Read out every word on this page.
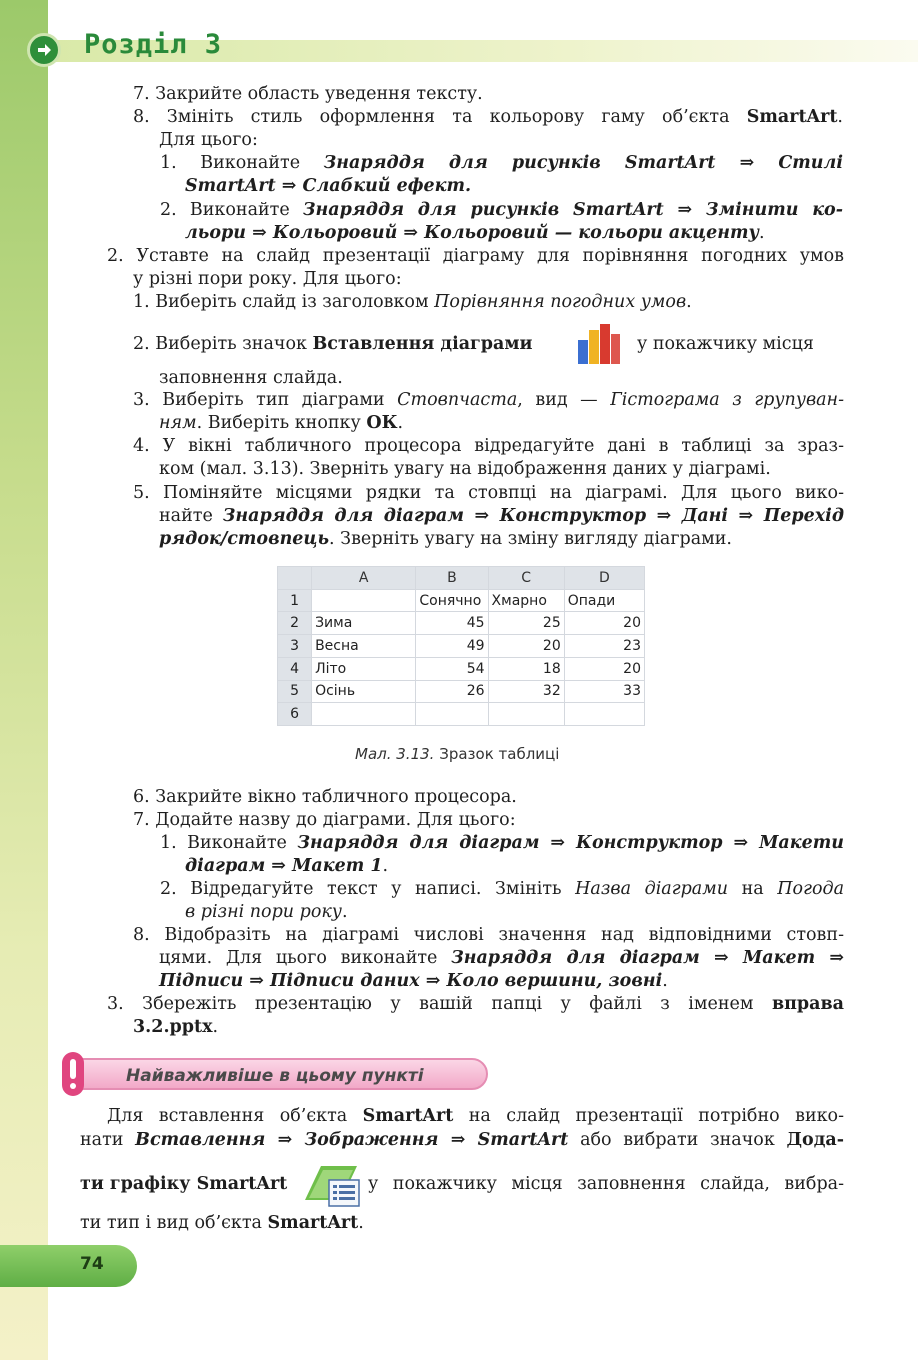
Розділ 3
7. Закрийте область уведення тексту.
8. Змініть стиль оформлення та кольорову гаму об’єкта SmartArt.
Для цього:
1. Виконайте Знаряддя для рисунків SmartArt ⇒ Стилі
SmartArt ⇒ Слабкий ефект.
2. Виконайте Знаряддя для рисунків SmartArt ⇒ Змінити ко-
льори ⇒ Кольоровий ⇒ Кольоровий — кольори акценту.
2. Уставте на слайд презентації діаграму для порівняння погодних умов
у різні пори року. Для цього:
1. Виберіть слайд із заголовком Порівняння погодних умов.
2. Виберіть значок Вставлення діаграми	у покажчику місця
заповнення слайда.
3. Виберіть тип діаграми Стовпчаста, вид — Гістограма з групуван-
ням. Виберіть кнопку ОК.
4. У вікні табличного процесора відредагуйте дані в таблиці за зраз-
ком (мал. 3.13). Зверніть увагу на відображення даних у діаграмі.
5. Поміняйте місцями рядки та стовпці на діаграмі. Для цього вико-
найте Знаряддя для діаграм ⇒ Конструктор ⇒ Дані ⇒ Перехід
рядок/стовпець. Зверніть увагу на зміну вигляду діаграми.
	A	B	C	D
1		Сонячно	Хмарно	Опади
2	Зима	45	25	20
3	Весна	49	20	23
4	Літо	54	18	20
5	Осінь	26	32	33
6				
Мал. 3.13. Зразок таблиці
6. Закрийте вікно табличного процесора.
7. Додайте назву до діаграми. Для цього:
1. Виконайте Знаряддя для діаграм ⇒ Конструктор ⇒ Макети
діаграм ⇒ Макет 1.
2. Відредагуйте текст у написі. Змініть Назва діаграми на Погода
в різні пори року.
8. Відобразіть на діаграмі числові значення над відповідними стовп-
цями. Для цього виконайте Знаряддя для діаграм ⇒ Макет ⇒
Підписи ⇒ Підписи даних ⇒ Коло вершини, зовні.
3. Збережіть презентацію у вашій папці у файлі з іменем вправа
3.2.pptx.
Найважливіше в цьому пункті
Для вставлення об’єкта SmartArt на слайд презентації потрібно вико-
нати Вставлення ⇒ Зображення ⇒ SmartArt або вибрати значок Дода-
ти графіку SmartArt	у покажчику місця заповнення слайда, вибра-
ти тип і вид об’єкта SmartArt.
74
